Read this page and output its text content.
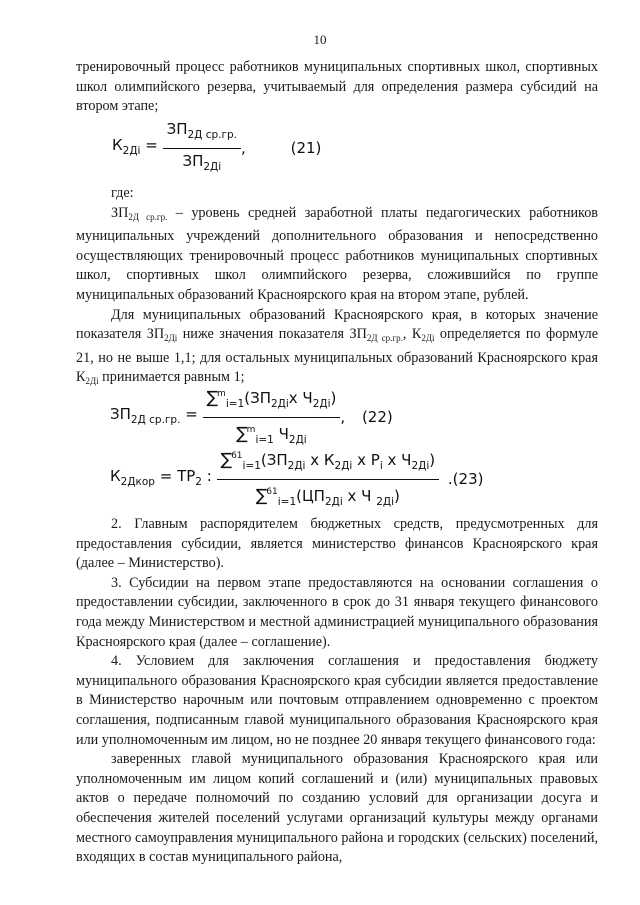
10

тренировочный процесс работников муниципальных спортивных школ, спортивных школ олимпийского резерва, учитываемый для определения размера субсидий на втором этапе;

$К_{2Дi} = \frac{ЗП_{2Д ср.гр.}}{ЗП_{2Дi}}$ ,	(21)

где:

$ЗП_{2Д ср.гр.}$ – уровень средней заработной платы педагогических работников муниципальных учреждений дополнительного образования и непосредственно осуществляющих тренировочный процесс работников муниципальных спортивных школ, спортивных школ олимпийского резерва, сложившийся по группе муниципальных образований Красноярского края на втором этапе, рублей.

Для муниципальных образований Красноярского края, в которых значение показателя $ЗП_{2Дi}$ ниже значения показателя $ЗП_{2Д ср.гр.}$, $К_{2Дi}$ определяется по формуле 21, но не выше 1,1; для остальных муниципальных образований Красноярского края $К_{2Дi}$ принимается равным 1;

$ЗП_{2Д ср.гр.} = \frac{\sum^m_{i=1}(ЗП_{2Дi}х Ч_{2Дi})}{\sum^m_{i=1} Ч_{2Дi}}$ , (22)
$К_{2Дкор} = ТР_2$ : $\frac{\sum^{61}_{i=1}(ЗП_{2Дi} х К_{2Дi} х Р_i х Ч_{2Дi})}{\sum^{61}_{i=1}(ЦП_{2Дi} х Ч _{2Дi})} .(23)$

2. Главным распорядителем бюджетных средств, предусмотренных для предоставления субсидии, является министерство финансов Красноярского края (далее – Министерство).

3. Субсидии на первом этапе предоставляются на основании соглашения о предоставлении субсидии, заключенного в срок до 31 января текущего финансового года между Министерством и местной администрацией муниципального образования Красноярского края (далее – соглашение).

4. Условием для заключения соглашения и предоставления бюджету муниципального образования Красноярского края субсидии является предоставление в Министерство нарочным или почтовым отправлением одновременно с проектом соглашения, подписанным главой муниципального образования Красноярского края или уполномоченным им лицом, но не позднее 20 января текущего финансового года:

заверенных главой муниципального образования Красноярского края или уполномоченным им лицом копий соглашений и (или) муниципальных правовых актов о передаче полномочий по созданию условий для организации досуга и обеспечения жителей поселений услугами организаций культуры между органами местного самоуправления муниципального района и городских (сельских) поселений, входящих в состав муниципального района,
